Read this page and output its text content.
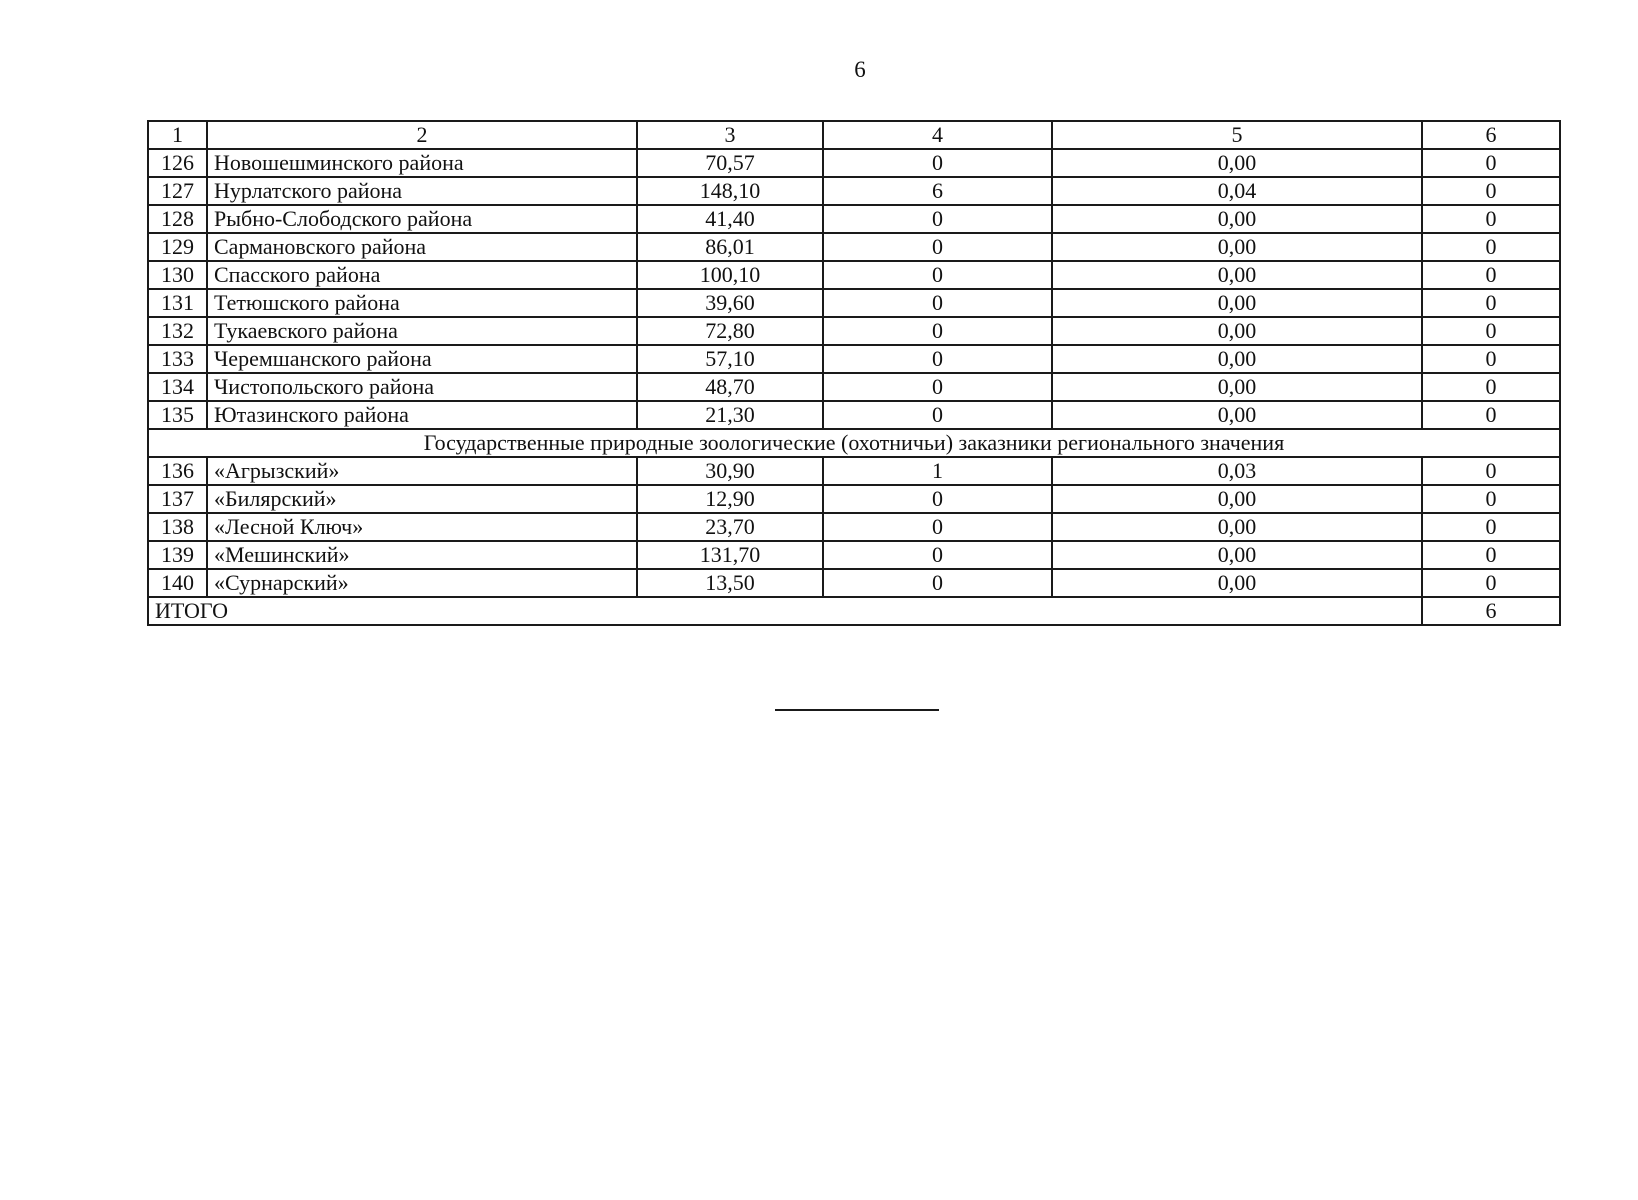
6
1	2	3	4	5	6
126	Новошешминского района	70,57	0	0,00	0
127	Нурлатского района	148,10	6	0,04	0
128	Рыбно-Слободского района	41,40	0	0,00	0
129	Сармановского района	86,01	0	0,00	0
130	Спасского района	100,10	0	0,00	0
131	Тетюшского района	39,60	0	0,00	0
132	Тукаевского района	72,80	0	0,00	0
133	Черемшанского района	57,10	0	0,00	0
134	Чистопольского района	48,70	0	0,00	0
135	Ютазинского района	21,30	0	0,00	0
Государственные природные зоологические (охотничьи) заказники регионального значения					
136	«Агрызский»	30,90	1	0,03	0
137	«Билярский»	12,90	0	0,00	0
138	«Лесной Ключ»	23,70	0	0,00	0
139	«Мешинский»	131,70	0	0,00	0
140	«Сурнарский»	13,50	0	0,00	0
ИТОГО					6
